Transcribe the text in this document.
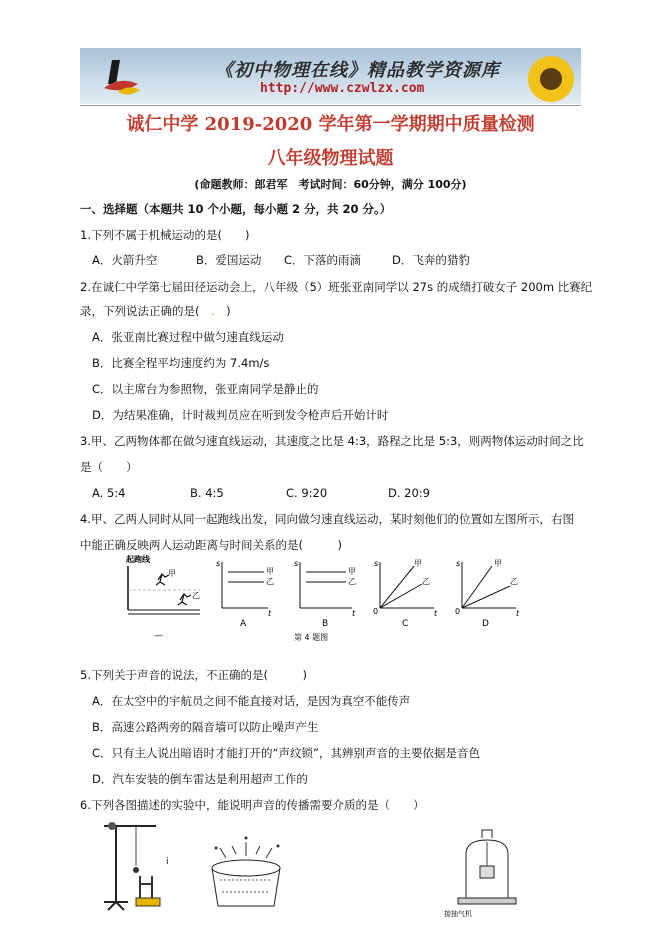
《初中物理在线》精品教学资源库
http://www.czwlzx.com
诚仁中学 2019-2020 学年第一学期期中质量检测
八年级物理试题
(命题教师：郎君军　考试时间：60分钟，满分 100分)
一、选择题（本题共 10 个小题，每小题 2 分，共 20 分。）
1.下列不属于机械运动的是(　　)
A．火箭升空	B．爱国运动 C．下落的雨滴	D．飞奔的猎豹
2.在诚仁中学第七届田径运动会上，八年级（5）班张亚南同学以 27s 的成绩打破女子 200m 比赛纪
录，下列说法正确的是(　.　)
A．张亚南比赛过程中做匀速直线运动
B．比赛全程平均速度约为 7.4m/s
C．以主席台为参照物，张亚南同学是静止的
D．为结果准确，计时裁判员应在听到发令枪声后开始计时
3.甲、乙两物体都在做匀速直线运动，其速度之比是 4:3，路程之比是 5:3，则两物体运动时间之比
是（　　）
A. 5:4	B. 4:5	C. 9:20	D. 20:9
4.甲、乙两人同时从同一起跑线出发，同向做匀速直线运动，某时刻他们的位置如左图所示，右图
中能正确反映两人运动距离与时间关系的是(　　　)
起跑线
甲
乙
—
s
t
甲
乙
A
s
t
甲
乙
B
s
t
0
甲
乙
C
s
t
0
甲
乙
D
第 4 题图
5.下列关于声音的说法，不正确的是(　　　)
A．在太空中的宇航员之间不能直接对话，是因为真空不能传声
B．高速公路两旁的隔音墙可以防止噪声产生
C．只有主人说出暗语时才能打开的“声纹锁”，其辨别声音的主要依据是音色
D．汽车安装的倒车雷达是利用超声工作的
6.下列各图描述的实验中，能说明声音的传播需要介质的是（　　）
i
接抽气机
